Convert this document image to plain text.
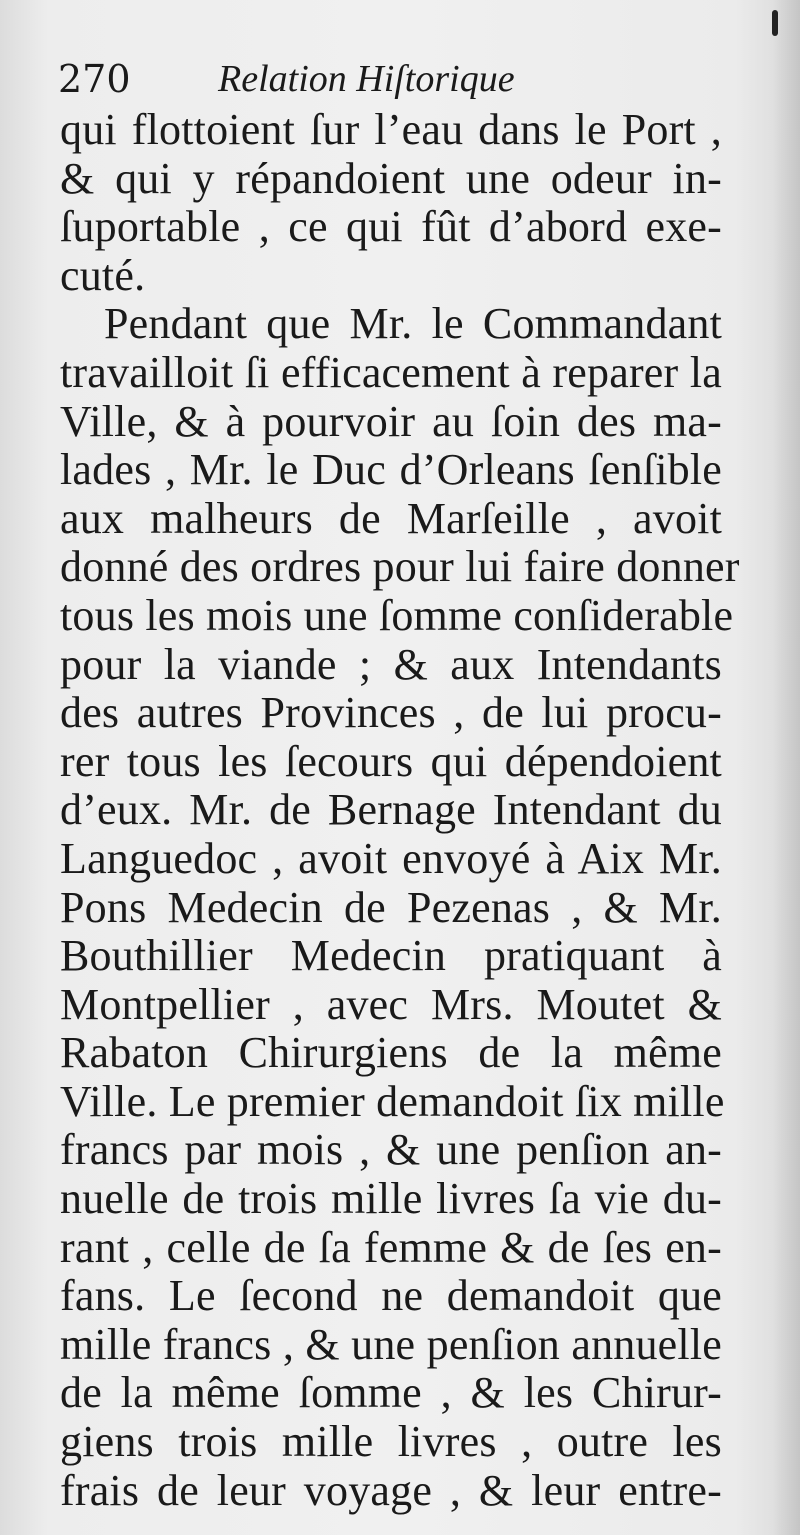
270 Relation Hiſtorique
qui flottoient ſur l’eau dans le Port ,
& qui y répandoient une odeur in-
ſuportable , ce qui fût d’abord exe-
cuté.
Pendant que Mr. le Commandant
travailloit ſi efficacement à reparer la
Ville, & à pourvoir au ſoin des ma-
lades , Mr. le Duc d’Orleans ſenſible
aux malheurs de Marſeille , avoit
donné des ordres pour lui faire donner
tous les mois une ſomme conſiderable
pour la viande ; & aux Intendants
des autres Provinces , de lui procu-
rer tous les ſecours qui dépendoient
d’eux. Mr. de Bernage Intendant du
Languedoc , avoit envoyé à Aix Mr.
Pons Medecin de Pezenas , & Mr.
Bouthillier Medecin pratiquant à
Montpellier , avec Mrs. Moutet &
Rabaton Chirurgiens de la même
Ville. Le premier demandoit ſix mille
francs par mois , & une penſion an-
nuelle de trois mille livres ſa vie du-
rant , celle de ſa femme & de ſes en-
fans. Le ſecond ne demandoit que
mille francs , & une penſion annuelle
de la même ſomme , & les Chirur-
giens trois mille livres , outre les
frais de leur voyage , & leur entre-
